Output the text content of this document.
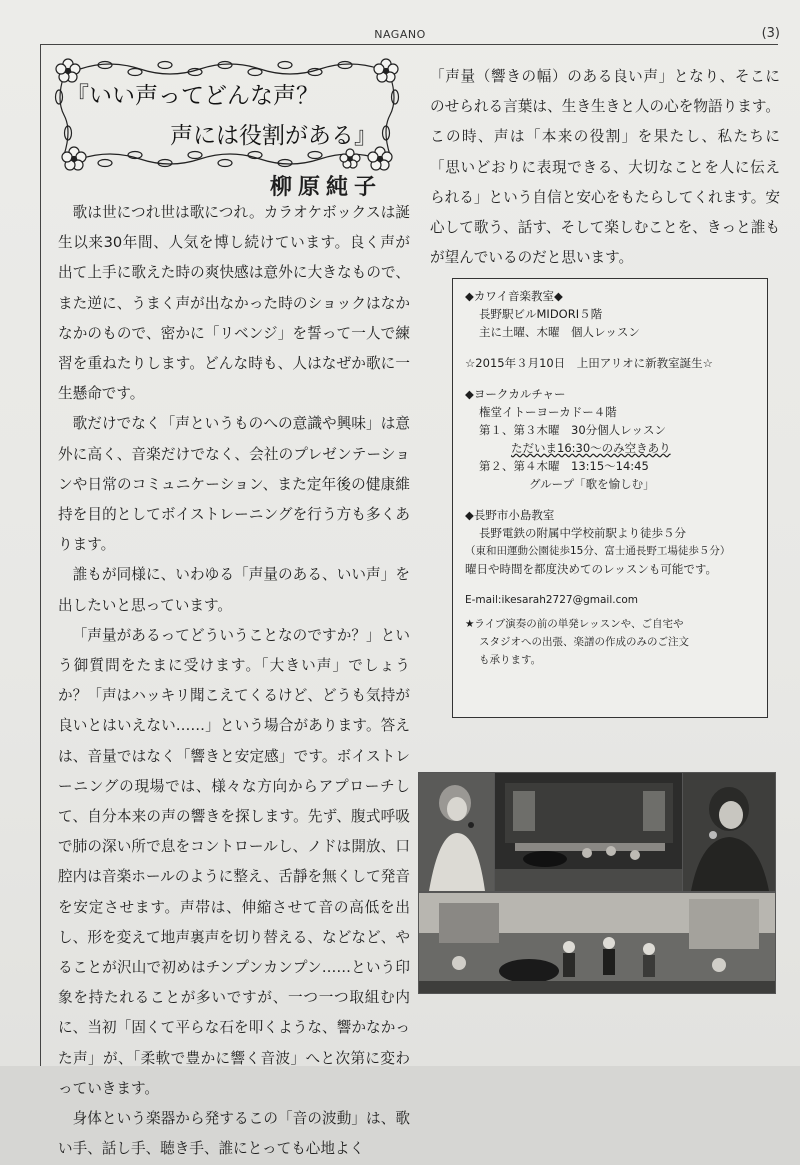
NAGANO	(3)
『いい声ってどんな声？
声には役割がある』
柳原純子

歌は世につれ世は歌につれ。カラオケボックスは誕生以来30年間、人気を博し続けています。良く声が出て上手に歌えた時の爽快感は意外に大きなもので、また逆に、うまく声が出なかった時のショックはなかなかのもので、密かに「リベンジ」を誓って一人で練習を重ねたりします。どんな時も、人はなぜか歌に一生懸命です。

歌だけでなく「声というものへの意識や興味」は意外に高く、音楽だけでなく、会社のプレゼンテーションや日常のコミュニケーション、また定年後の健康維持を目的としてボイストレーニングを行う方も多くあります。

誰もが同様に、いわゆる「声量のある、いい声」を出したいと思っています。

「声量があるってどういうことなのですか？」という御質問をたまに受けます。「大きい声」でしょうか？「声はハッキリ聞こえてくるけど、どうも気持が良いとはいえない……」という場合があります。答えは、音量ではなく「響きと安定感」です。ボイストレーニングの現場では、様々な方向からアプローチして、自分本来の声の響きを探します。先ず、腹式呼吸で肺の深い所で息をコントロールし、ノドは開放、口腔内は音楽ホールのように整え、舌靜を無くして発音を安定させます。声帯は、伸縮させて音の高低を出し、形を変えて地声裏声を切り替える、などなど、やることが沢山で初めはチンプンカンプン……という印象を持たれることが多いですが、一つ一つ取組む内に、当初「固くて平らな石を叩くような、響かなかった声」が、「柔軟で豊かに響く音波」へと次第に変わっていきます。

身体という楽器から発するこの「音の波動」は、歌い手、話し手、聴き手、誰にとっても心地よく

「声量（響きの幅）のある良い声」となり、そこにのせられる言葉は、生き生きと人の心を物語ります。この時、声は「本来の役割」を果たし、私たちに「思いどおりに表現できる、大切なことを人に伝えられる」という自信と安心をもたらしてくれます。安心して歌う、話す、そして楽しむことを、きっと誰もが望んでいるのだと思います。

◆カワイ音楽教室◆
長野駅ビルMIDORI５階
主に土曜、木曜　個人レッスン
☆2015年３月10日　上田アリオに新教室誕生☆
◆ヨークカルチャー
権堂イトーヨーカドー４階
第１、第３木曜　30分個人レッスン
ただいま16:30～のみ空きあり
第２、第４木曜　13:15～14:45
グループ「歌を愉しむ」
◆長野市小島教室
長野電鉄の附属中学校前駅より徒歩５分
（東和田運動公園徒歩15分、富士通長野工場徒歩５分）
曜日や時間を都度決めてのレッスンも可能です。
E-mail:ikesarah2727@gmail.com
★ライブ演奏の前の単発レッスンや、ご自宅や
スタジオへの出張、楽譜の作成のみのご注文
も承ります。
